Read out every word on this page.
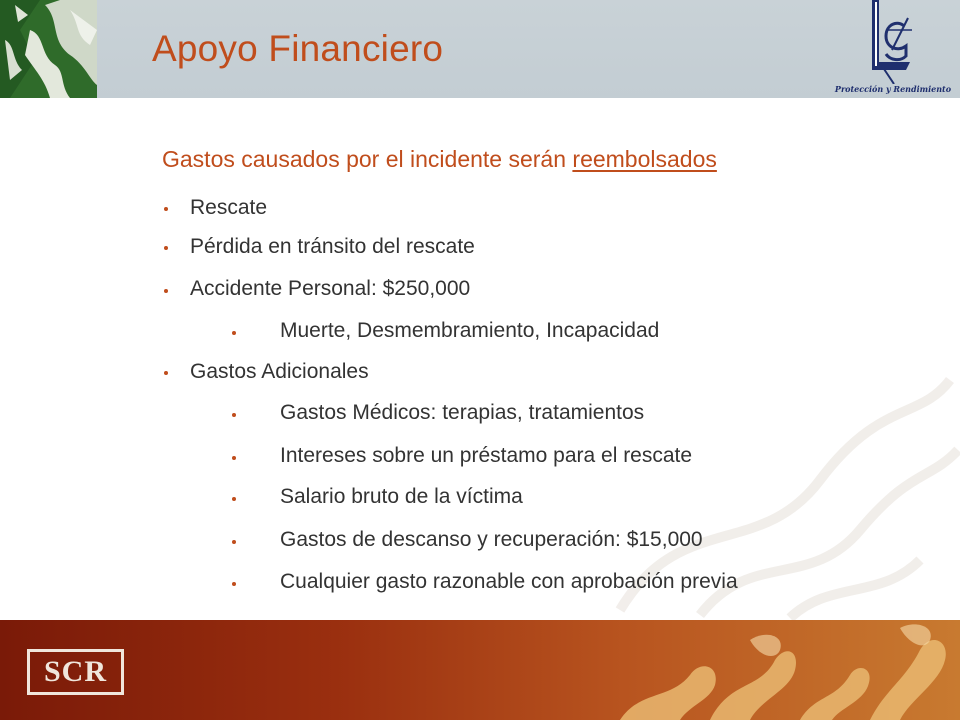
Apoyo Financiero
Protección y Rendimiento
Gastos causados por el incidente serán reembolsados
Rescate
Pérdida en tránsito del rescate
Accidente Personal: $250,000
Muerte, Desmembramiento, Incapacidad
Gastos Adicionales
Gastos Médicos: terapias, tratamientos
Intereses sobre un préstamo para el rescate
Salario bruto de la víctima
Gastos de descanso y recuperación: $15,000
Cualquier gasto razonable con aprobación previa
SCR
